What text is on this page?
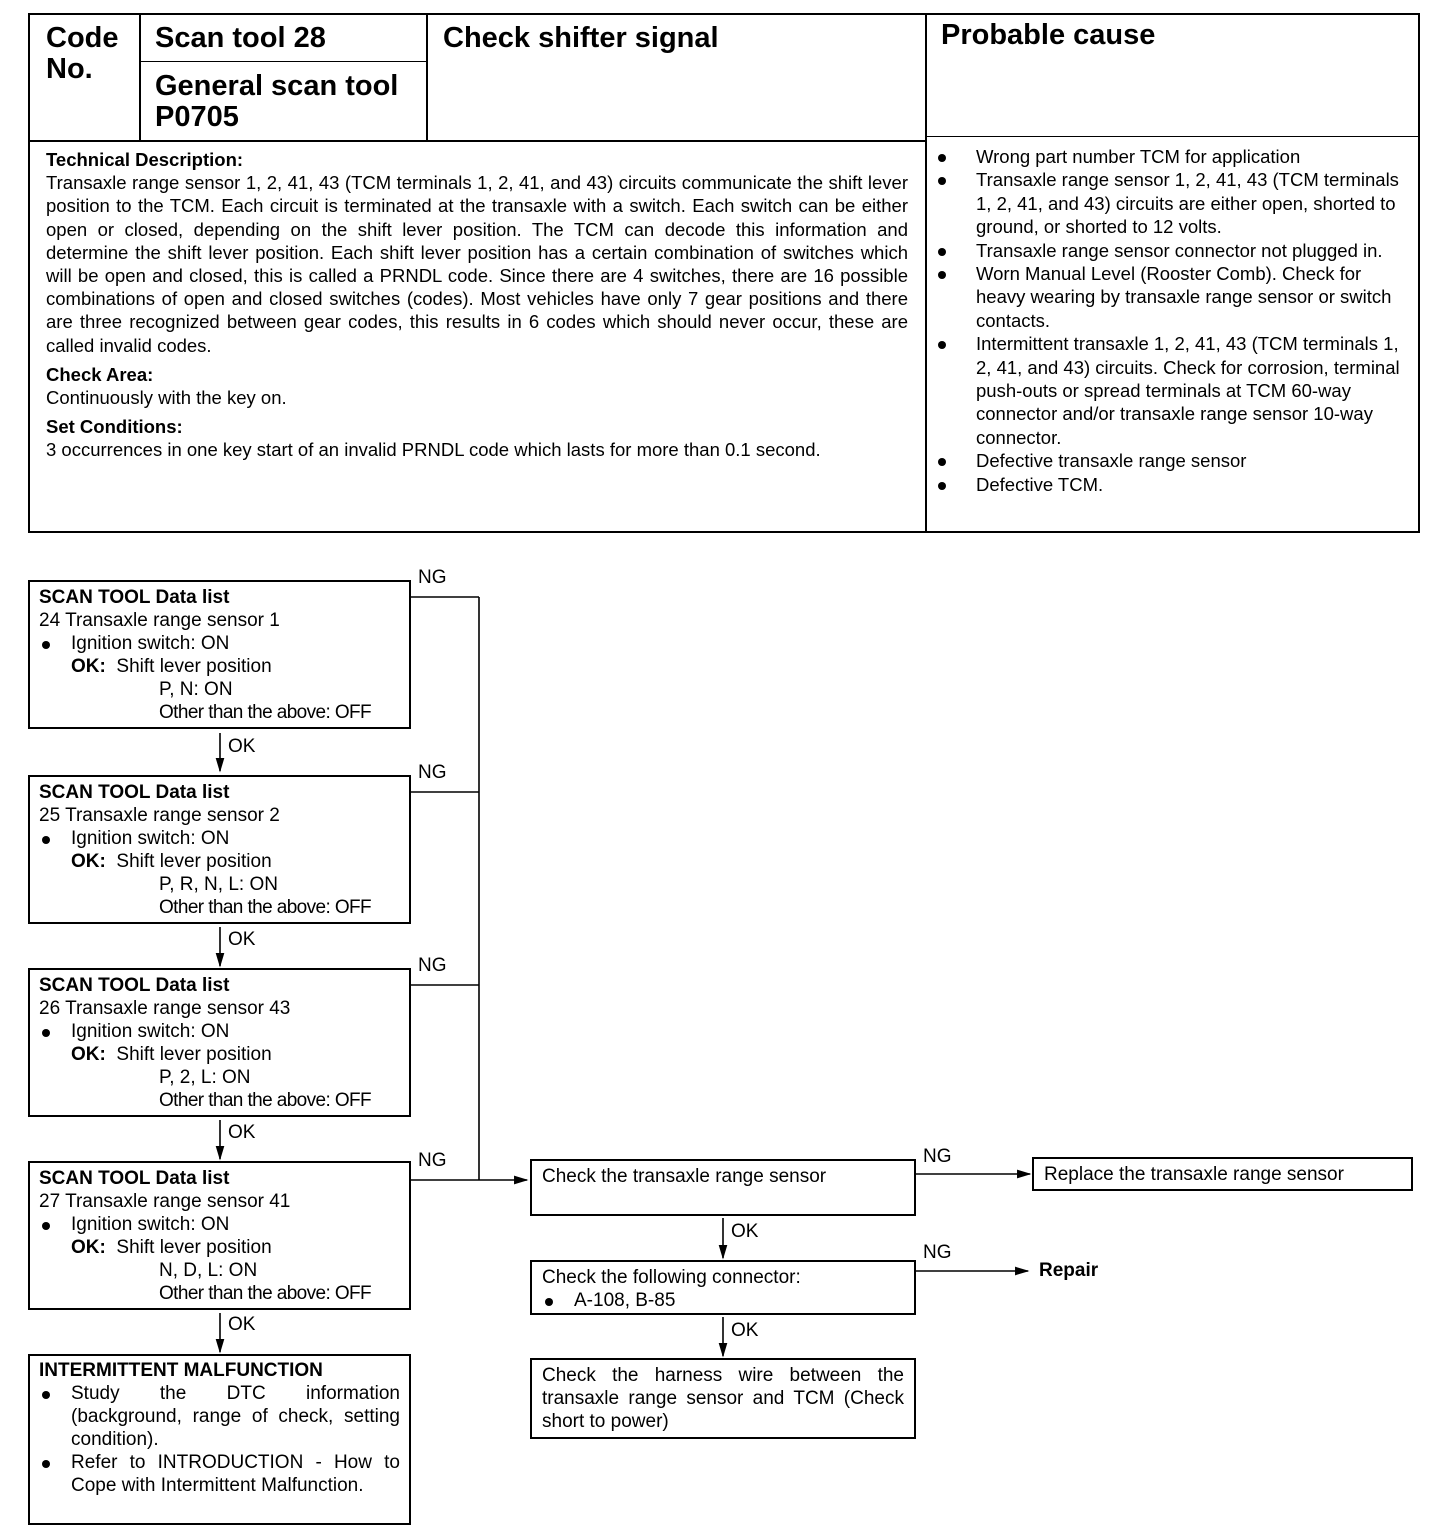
Code
No.
Scan tool 28
General scan tool
P0705
Check shifter signal	Probable cause
Technical Description:
Transaxle range sensor 1, 2, 41, 43 (TCM terminals 1, 2, 41, and 43) circuits communicate the shift lever position to the TCM. Each circuit is terminated at the transaxle with a switch. Each switch can be either open or closed, depending on the shift lever position. The TCM can decode this information and determine the shift lever position. Each shift lever position has a certain combination of switches which will be open and closed, this is called a PRNDL code. Since there are 4 switches, there are 16 possible combinations of open and closed switches (codes). Most vehicles have only 7 gear positions and there are three recognized between gear codes, this results in 6 codes which should never occur, these are called invalid codes.
Check Area:
Continuously with the key on.
Set Conditions:
3 occurrences in one key start of an invalid PRNDL code which lasts for more than 0.1 second.
Wrong part number TCM for application
Transaxle range sensor 1, 2, 41, 43 (TCM terminals 1, 2, 41, and 43) circuits are either open, shorted to ground, or shorted to 12 volts.
Transaxle range sensor connector not plugged in.
Worn Manual Level (Rooster Comb). Check for heavy wearing by transaxle range sensor or switch contacts.
Intermittent transaxle 1, 2, 41, 43 (TCM terminals 1, 2, 41, and 43) circuits. Check for corrosion, terminal push-outs or spread terminals at TCM 60-way connector and/or transaxle range sensor 10-way connector.
Defective transaxle range sensor
Defective TCM.
NG
NG
NG
NG	NG
NG
OK
OK
OK
OK
OK
OK
SCAN TOOL Data list
24 Transaxle range sensor 1
Ignition switch: ON
OK: Shift lever position
P, N: ON
Other than the above: OFF
SCAN TOOL Data list
25 Transaxle range sensor 2
Ignition switch: ON
OK: Shift lever position
P, R, N, L: ON
Other than the above: OFF
SCAN TOOL Data list
26 Transaxle range sensor 43
Ignition switch: ON
OK: Shift lever position
P, 2, L: ON
Other than the above: OFF
SCAN TOOL Data list
27 Transaxle range sensor 41
Ignition switch: ON
OK: Shift lever position
N, D, L: ON
Other than the above: OFF
INTERMITTENT MALFUNCTION
Study the DTC information (background, range of check, setting condition).
Refer to INTRODUCTION - How to Cope with Intermittent Malfunction.
Check the transaxle range sensor	Replace the transaxle range sensor
Check the following connector:
A-108, B-85
Repair
Check the harness wire between the transaxle range sensor and TCM (Check short to power)
